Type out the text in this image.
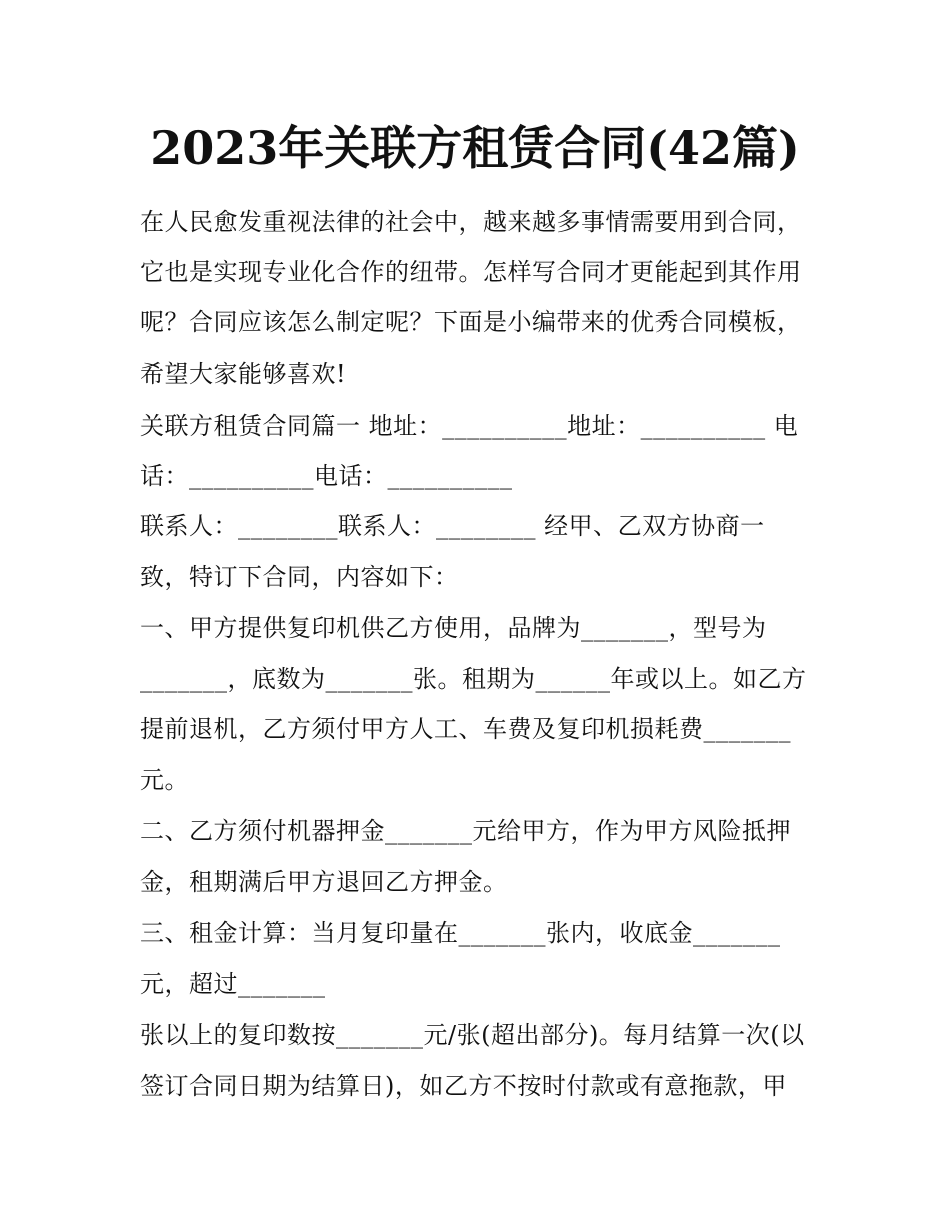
2023年关联方租赁合同(42篇)
在人民愈发重视法律的社会中，越来越多事情需要用到合同，
它也是实现专业化合作的纽带。怎样写合同才更能起到其作用
呢？合同应该怎么制定呢？下面是小编带来的优秀合同模板，
希望大家能够喜欢!
关联方租赁合同篇一 地址：__________地址：__________ 电
话：__________电话：__________
联系人：________联系人：________ 经甲、乙双方协商一
致，特订下合同，内容如下：
一、甲方提供复印机供乙方使用，品牌为_______，型号为
_______，底数为_______张。租期为______年或以上。如乙方
提前退机，乙方须付甲方人工、车费及复印机损耗费_______
元。
二、乙方须付机器押金_______元给甲方，作为甲方风险抵押
金，租期满后甲方退回乙方押金。
三、租金计算：当月复印量在_______张内，收底金_______
元，超过_______
张以上的复印数按_______元/张(超出部分)。每月结算一次(以
签订合同日期为结算日)，如乙方不按时付款或有意拖款，甲
